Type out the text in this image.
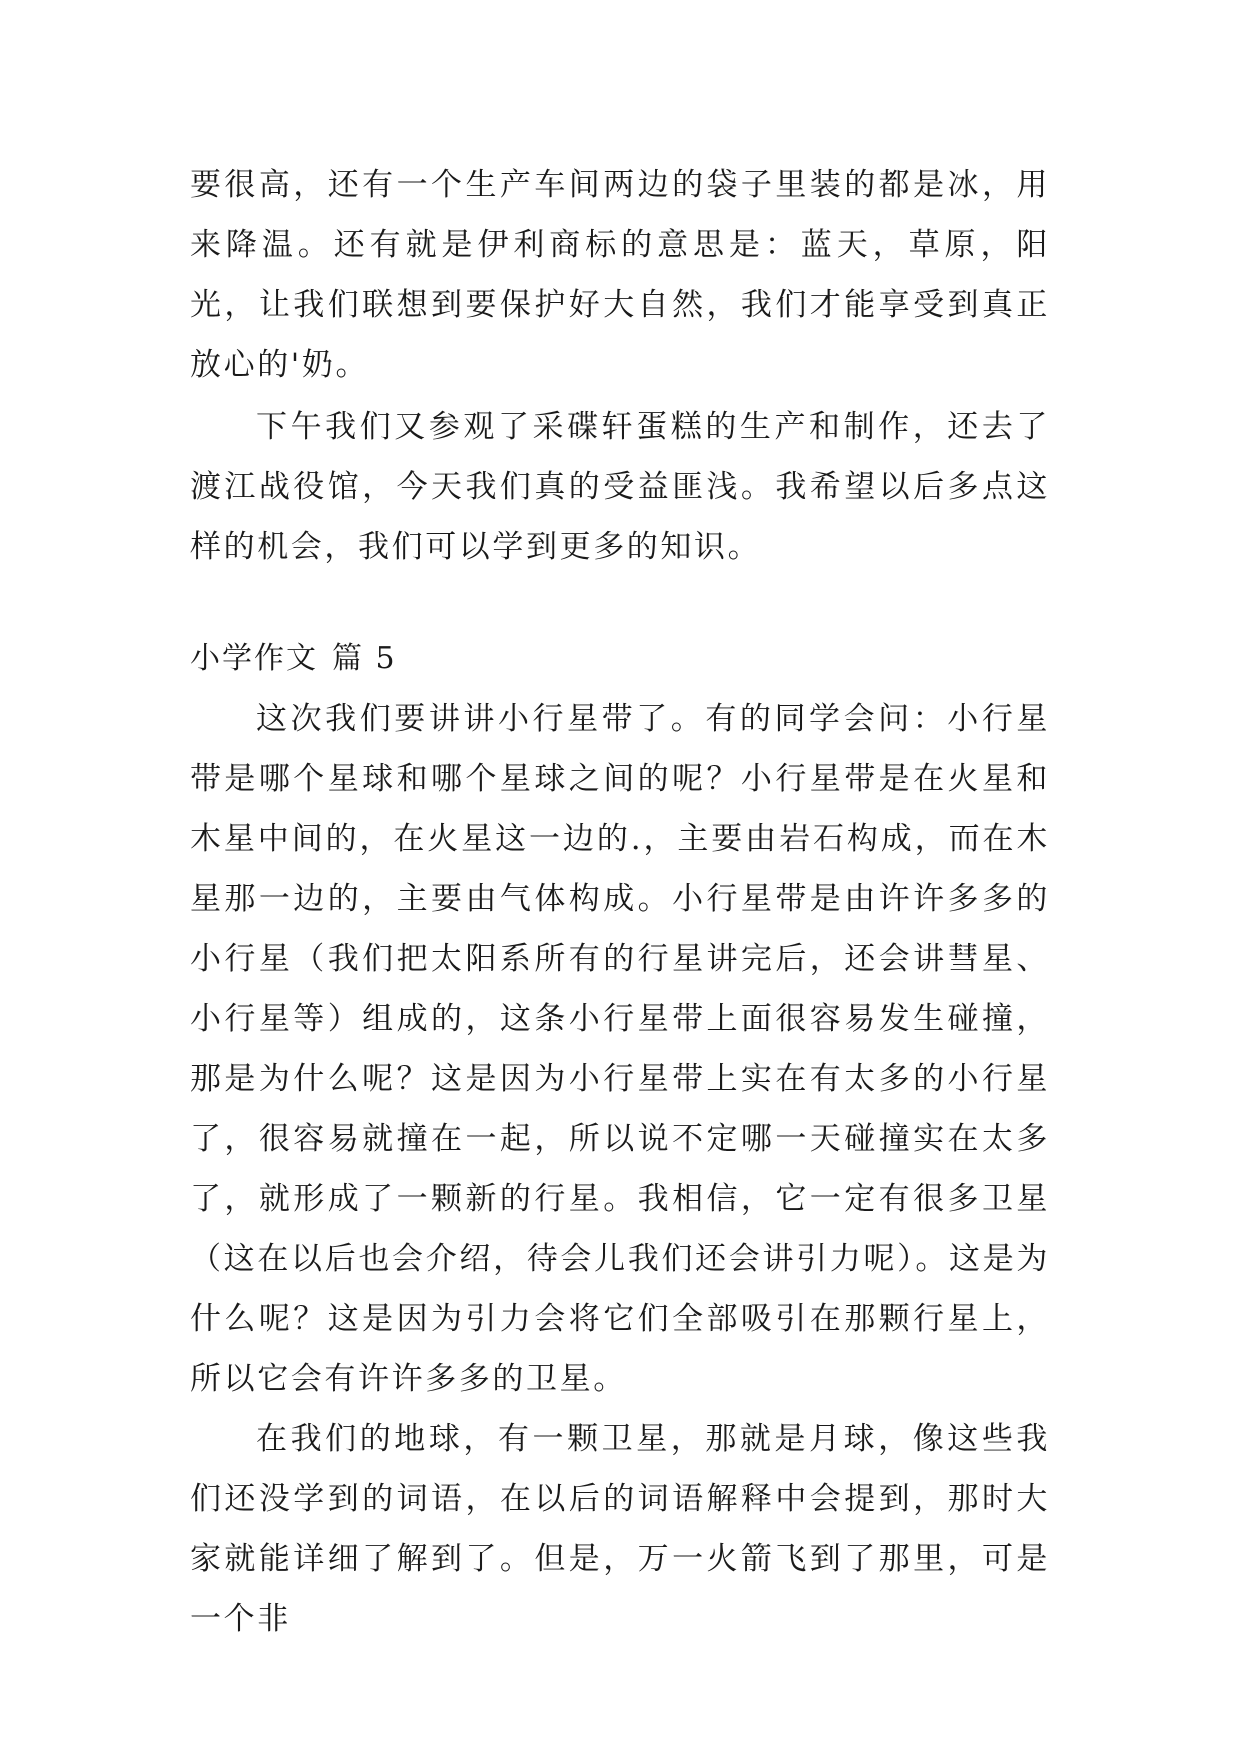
要很高，还有一个生产车间两边的袋子里装的都是冰，用来降温。还有就是伊利商标的意思是：蓝天，草原，阳光，让我们联想到要保护好大自然，我们才能享受到真正放心的'奶。

下午我们又参观了采碟轩蛋糕的生产和制作，还去了渡江战役馆，今天我们真的受益匪浅。我希望以后多点这样的机会，我们可以学到更多的知识。

小学作文 篇 5

这次我们要讲讲小行星带了。有的同学会问：小行星带是哪个星球和哪个星球之间的呢？小行星带是在火星和木星中间的，在火星这一边的.，主要由岩石构成，而在木星那一边的，主要由气体构成。小行星带是由许许多多的小行星（我们把太阳系所有的行星讲完后，还会讲彗星、小行星等）组成的，这条小行星带上面很容易发生碰撞，那是为什么呢？这是因为小行星带上实在有太多的小行星了，很容易就撞在一起，所以说不定哪一天碰撞实在太多了，就形成了一颗新的行星。我相信，它一定有很多卫星（这在以后也会介绍，待会儿我们还会讲引力呢）。这是为什么呢？这是因为引力会将它们全部吸引在那颗行星上，所以它会有许许多多的卫星。

在我们的地球，有一颗卫星，那就是月球，像这些我们还没学到的词语，在以后的词语解释中会提到，那时大家就能详细了解到了。但是，万一火箭飞到了那里，可是一个非
